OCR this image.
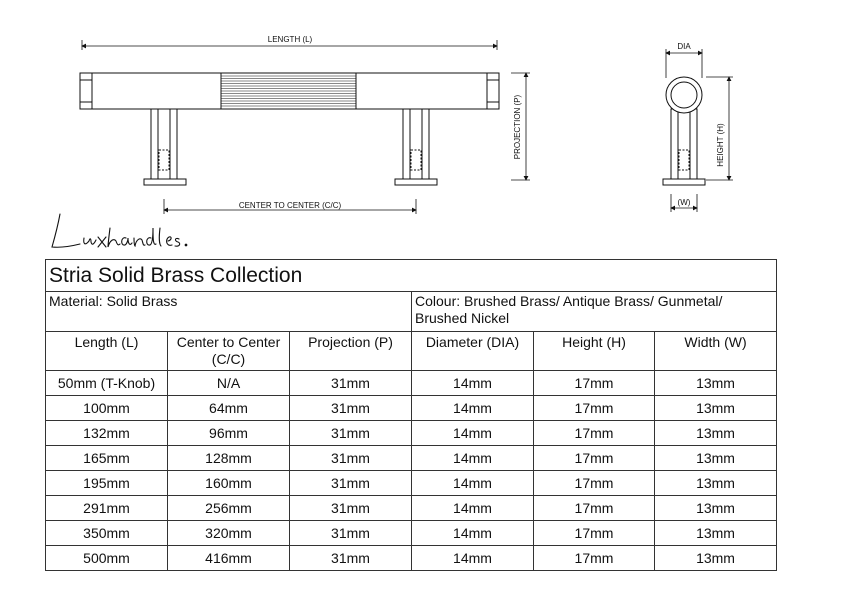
LENGTH (L)
CENTER TO CENTER (C/C)
PROJECTION (P)
DIA
HEIGHT (H)
(W)
Stria Solid Brass Collection					
Material: Solid Brass			Colour: Brushed Brass/ Antique Brass/ Gunmetal/ Brushed Nickel		
Length (L)	Center to Center (C/C)	Projection (P)	Diameter (DIA)	Height (H)	Width (W)
50mm (T-Knob)	N/A	31mm	14mm	17mm	13mm
100mm	64mm	31mm	14mm	17mm	13mm
132mm	96mm	31mm	14mm	17mm	13mm
165mm	128mm	31mm	14mm	17mm	13mm
195mm	160mm	31mm	14mm	17mm	13mm
291mm	256mm	31mm	14mm	17mm	13mm
350mm	320mm	31mm	14mm	17mm	13mm
500mm	416mm	31mm	14mm	17mm	13mm
